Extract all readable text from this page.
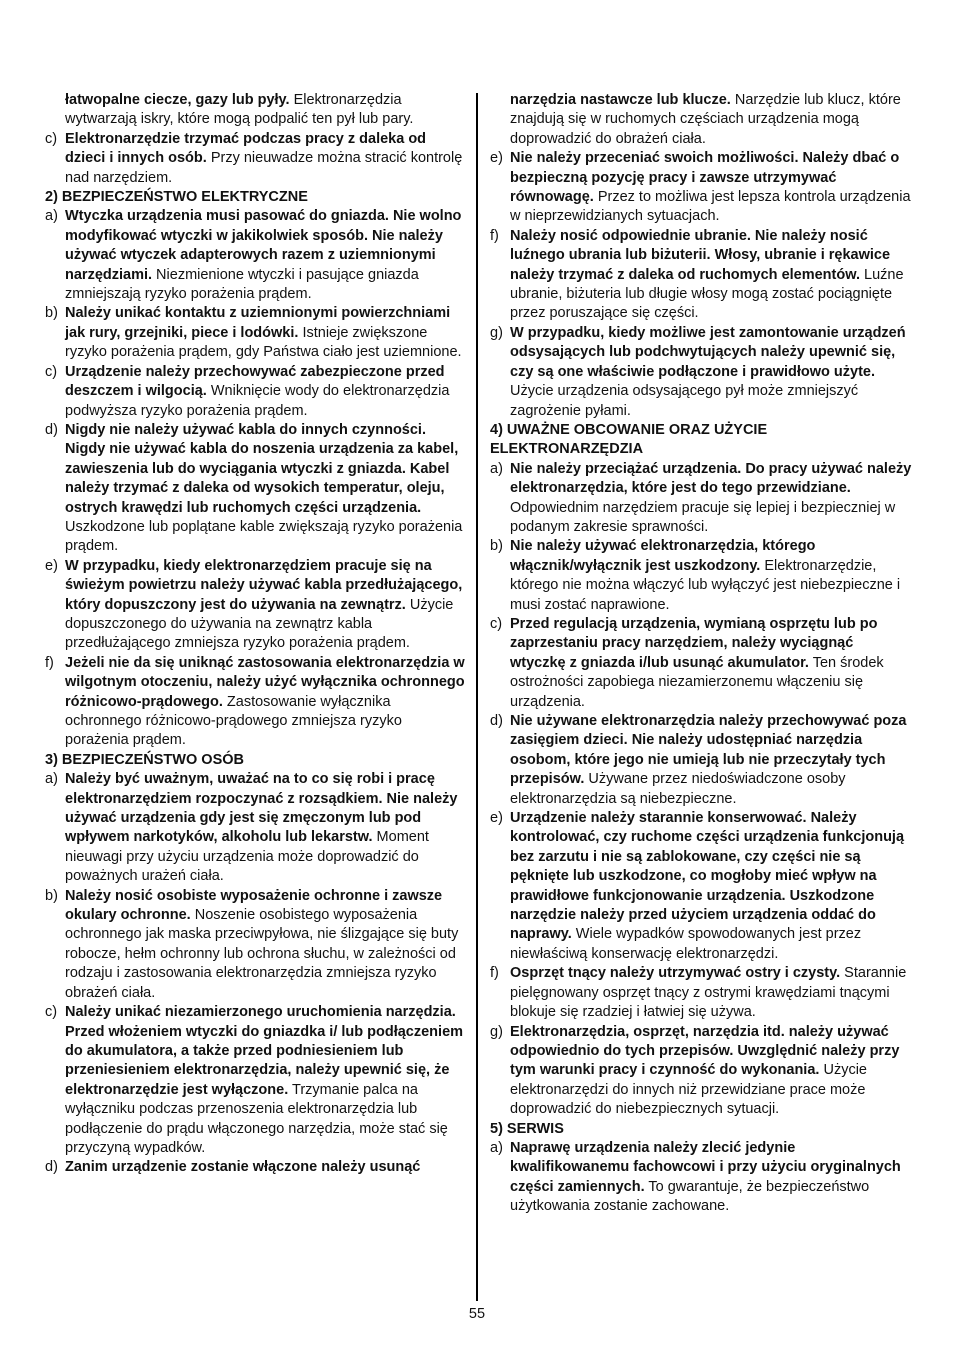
łatwopalne ciecze, gazy lub pyły. Elektronarzędzia wytwarzają iskry, które mogą podpalić ten pył lub pary.

c) Elektronarzędzie trzymać podczas pracy z daleka od dzieci i innych osób. Przy nieuwadze można stracić kontrolę nad narzędziem.

2) BEZPIECZEŃSTWO ELEKTRYCZNE

a) Wtyczka urządzenia musi pasować do gniazda. Nie wolno modyfikować wtyczki w jakikolwiek sposób. Nie należy używać wtyczek adapterowych razem z uziemnionymi narzędziami. Niezmienione wtyczki i pasujące gniazda zmniejszają ryzyko porażenia prądem.

b) Należy unikać kontaktu z uziemnionymi powierzchniami jak rury, grzejniki, piece i lodówki. Istnieje zwiększone ryzyko porażenia prądem, gdy Państwa ciało jest uziemnione.

c) Urządzenie należy przechowywać zabezpieczone przed deszczem i wilgocią. Wniknięcie wody do elektronarzędzia podwyższa ryzyko porażenia prądem.

d) Nigdy nie należy używać kabla do innych czynności. Nigdy nie używać kabla do noszenia urządzenia za kabel, zawieszenia lub do wyciągania wtyczki z gniazda. Kabel należy trzymać z daleka od wysokich temperatur, oleju, ostrych krawędzi lub ruchomych części urządzenia. Uszkodzone lub poplątane kable zwiększają ryzyko porażenia prądem.

e) W przypadku, kiedy elektronarzędziem pracuje się na świeżym powietrzu należy używać kabla przedłużającego, który dopuszczony jest do używania na zewnątrz. Użycie dopuszczonego do używania na zewnątrz kabla przedłużającego zmniejsza ryzyko porażenia prądem.

f) Jeżeli nie da się uniknąć zastosowania elektronarzędzia w wilgotnym otoczeniu, należy użyć wyłącznika ochronnego różnicowo-prądowego. Zastosowanie wyłącznika ochronnego różnicowo-prądowego zmniejsza ryzyko porażenia prądem.

3) BEZPIECZEŃSTWO OSÓB

a) Należy być uważnym, uważać na to co się robi i pracę elektronarzędziem rozpoczynać z rozsądkiem. Nie należy używać urządzenia gdy jest się zmęczonym lub pod wpływem narkotyków, alkoholu lub lekarstw. Moment nieuwagi przy użyciu urządzenia może doprowadzić do poważnych urażeń ciała.

b) Należy nosić osobiste wyposażenie ochronne i zawsze okulary ochronne. Noszenie osobistego wyposażenia ochronnego jak maska przeciwpyłowa, nie ślizgające się buty robocze, hełm ochronny lub ochrona słuchu, w zależności od rodzaju i zastosowania elektronarzędzia zmniejsza ryzyko obrażeń ciała.

c) Należy unikać niezamierzonego uruchomienia narzędzia. Przed włożeniem wtyczki do gniazdka i/ lub podłączeniem do akumulatora, a także przed podniesieniem lub przeniesieniem elektronarzędzia, należy upewnić się, że elektronarzędzie jest wyłączone. Trzymanie palca na wyłączniku podczas przenoszenia elektronarzędzia lub podłączenie do prądu włączonego narzędzia, może stać się przyczyną wypadków.

d) Zanim urządzenie zostanie włączone należy usunąć

narzędzia nastawcze lub klucze. Narzędzie lub klucz, które znajdują się w ruchomych częściach urządzenia mogą doprowadzić do obrażeń ciała.

e) Nie należy przeceniać swoich możliwości. Należy dbać o bezpieczną pozycję pracy i zawsze utrzymywać równowagę. Przez to możliwa jest lepsza kontrola urządzenia w nieprzewidzianych sytuacjach.

f) Należy nosić odpowiednie ubranie. Nie należy nosić luźnego ubrania lub biżuterii. Włosy, ubranie i rękawice należy trzymać z daleka od ruchomych elementów. Luźne ubranie, biżuteria lub długie włosy mogą zostać pociągnięte przez poruszające się części.

g) W przypadku, kiedy możliwe jest zamontowanie urządzeń odsysających lub podchwytujących należy upewnić się, czy są one właściwie podłączone i prawidłowo użyte. Użycie urządzenia odsysającego pył może zmniejszyć zagrożenie pyłami.

4) UWAŻNE OBCOWANIE ORAZ UŻYCIE ELEKTRONARZĘDZIA

a) Nie należy przeciążać urządzenia. Do pracy używać należy elektronarzędzia, które jest do tego przewidziane. Odpowiednim narzędziem pracuje się lepiej i bezpieczniej w podanym zakresie sprawności.

b) Nie należy używać elektronarzędzia, którego włącznik/wyłącznik jest uszkodzony. Elektronarzędzie, którego nie można włączyć lub wyłączyć jest niebezpieczne i musi zostać naprawione.

c) Przed regulacją urządzenia, wymianą osprzętu lub po zaprzestaniu pracy narzędziem, należy wyciągnąć wtyczkę z gniazda i/lub usunąć akumulator. Ten środek ostrożności zapobiega niezamierzonemu włączeniu się urządzenia.

d) Nie używane elektronarzędzia należy przechowywać poza zasięgiem dzieci. Nie należy udostępniać narzędzia osobom, które jego nie umieją lub nie przeczytały tych przepisów. Używane przez niedoświadczone osoby elektronarzędzia są niebezpieczne.

e) Urządzenie należy starannie konserwować. Należy kontrolować, czy ruchome części urządzenia funkcjonują bez zarzutu i nie są zablokowane, czy części nie są pęknięte lub uszkodzone, co mogłoby mieć wpływ na prawidłowe funkcjonowanie urządzenia. Uszkodzone narzędzie należy przed użyciem urządzenia oddać do naprawy. Wiele wypadków spowodowanych jest przez niewłaściwą konserwację elektronarzędzi.

f) Osprzęt tnący należy utrzymywać ostry i czysty. Starannie pielęgnowany osprzęt tnący z ostrymi krawędziami tnącymi blokuje się rzadziej i łatwiej się używa.

g) Elektronarzędzia, osprzęt, narzędzia itd. należy używać odpowiednio do tych przepisów. Uwzględnić należy przy tym warunki pracy i czynność do wykonania. Użycie elektronarzędzi do innych niż przewidziane prace może doprowadzić do niebezpiecznych sytuacji.

5) SERWIS

a) Naprawę urządzenia należy zlecić jedynie kwalifikowanemu fachowcowi i przy użyciu oryginalnych części zamiennych. To gwarantuje, że bezpieczeństwo użytkowania zostanie zachowane.

55
